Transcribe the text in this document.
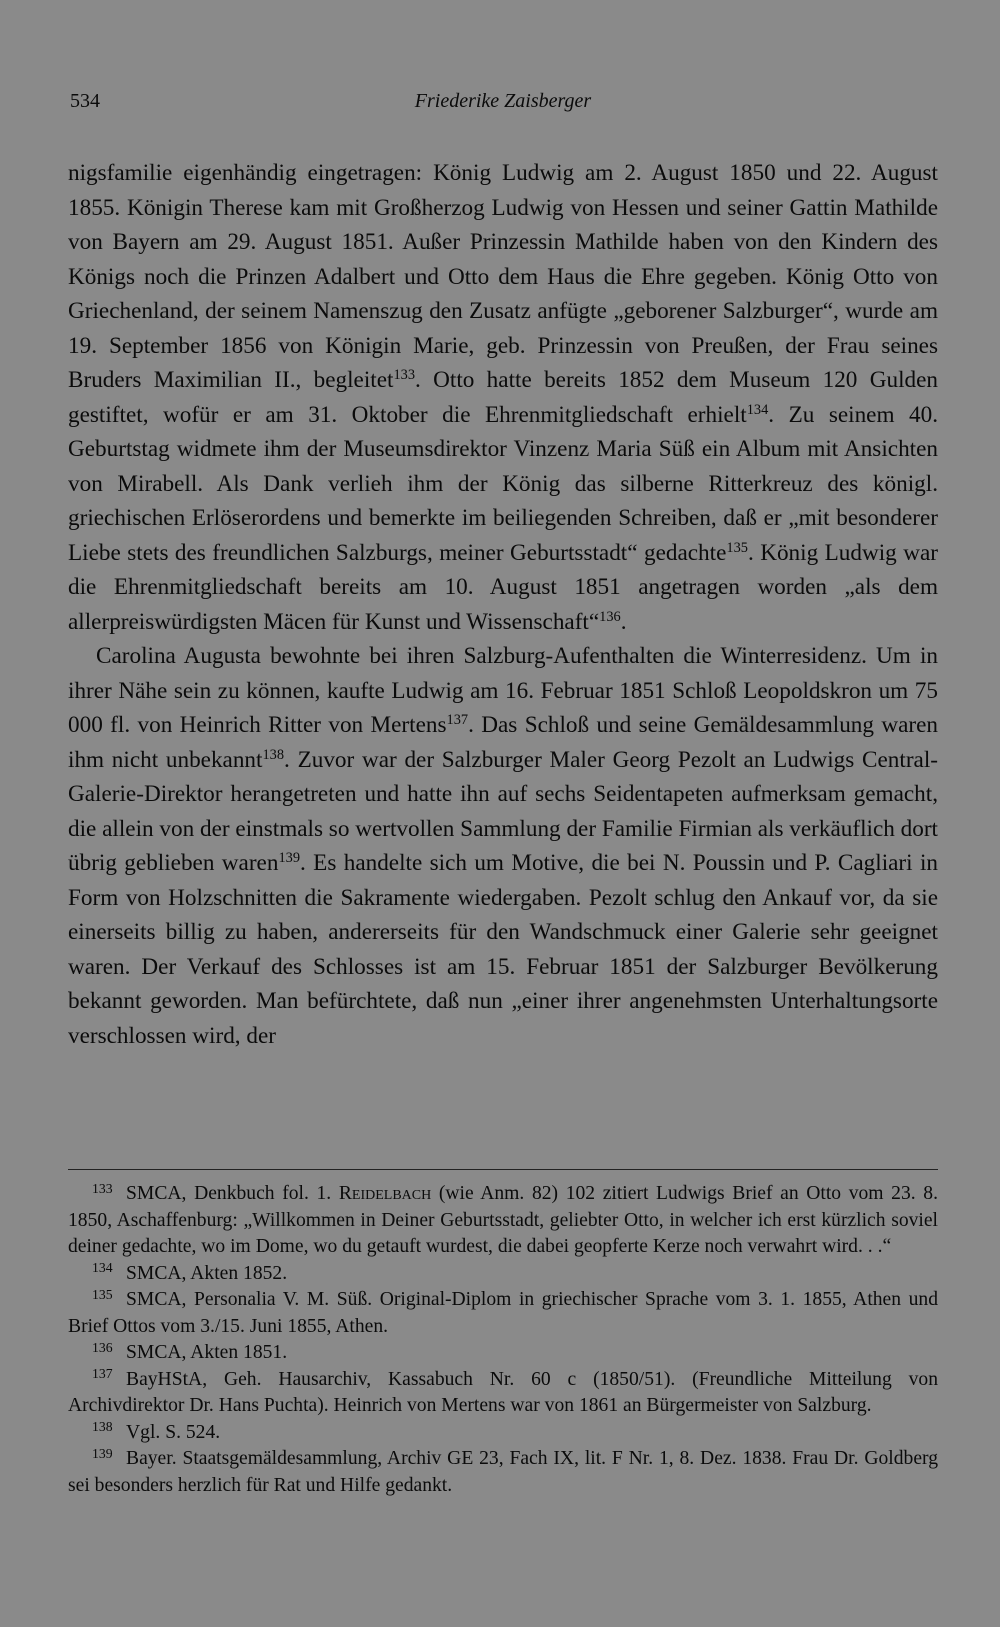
534	Friederike Zaisberger

nigsfamilie eigenhändig eingetragen: König Ludwig am 2. August 1850 und 22. August 1855. Königin Therese kam mit Großherzog Ludwig von Hessen und seiner Gattin Mathilde von Bayern am 29. August 1851. Außer Prinzessin Mathilde haben von den Kindern des Königs noch die Prinzen Adalbert und Otto dem Haus die Ehre gegeben. König Otto von Griechenland, der seinem Namenszug den Zusatz anfügte „geborener Salzburger“, wurde am 19. September 1856 von Königin Marie, geb. Prinzessin von Preußen, der Frau seines Bruders Maximilian II., begleitet$^{133}$. Otto hatte bereits 1852 dem Museum 120 Gulden gestiftet, wofür er am 31. Oktober die Ehrenmitgliedschaft erhielt$^{134}$. Zu seinem 40. Geburtstag widmete ihm der Museumsdirektor Vinzenz Maria Süß ein Album mit Ansichten von Mirabell. Als Dank verlieh ihm der König das silberne Ritterkreuz des königl. griechischen Erlöserordens und bemerkte im beiliegenden Schreiben, daß er „mit besonderer Liebe stets des freundlichen Salzburgs, meiner Geburtsstadt“ gedachte$^{135}$. König Ludwig war die Ehrenmitgliedschaft bereits am 10. August 1851 angetragen worden „als dem allerpreiswürdigsten Mäcen für Kunst und Wissenschaft“$^{136}$.

Carolina Augusta bewohnte bei ihren Salzburg-Aufenthalten die Winterresidenz. Um in ihrer Nähe sein zu können, kaufte Ludwig am 16. Februar 1851 Schloß Leopoldskron um 75 000 fl. von Heinrich Ritter von Mertens$^{137}$. Das Schloß und seine Gemäldesammlung waren ihm nicht unbekannt$^{138}$. Zuvor war der Salzburger Maler Georg Pezolt an Ludwigs Central-Galerie-Direktor herangetreten und hatte ihn auf sechs Seidentapeten aufmerksam gemacht, die allein von der einstmals so wertvollen Sammlung der Familie Firmian als verkäuflich dort übrig geblieben waren$^{139}$. Es handelte sich um Motive, die bei N. Poussin und P. Cagliari in Form von Holzschnitten die Sakramente wiedergaben. Pezolt schlug den Ankauf vor, da sie einerseits billig zu haben, andererseits für den Wandschmuck einer Galerie sehr geeignet waren. Der Verkauf des Schlosses ist am 15. Februar 1851 der Salzburger Bevölkerung bekannt geworden. Man befürchtete, daß nun „einer ihrer angenehmsten Unterhaltungsorte verschlossen wird, der

133 SMCA, Denkbuch fol. 1. Reidelbach (wie Anm. 82) 102 zitiert Ludwigs Brief an Otto vom 23. 8. 1850, Aschaffenburg: „Willkommen in Deiner Geburtsstadt, geliebter Otto, in welcher ich erst kürzlich soviel deiner gedachte, wo im Dome, wo du getauft wurdest, die dabei geopferte Kerze noch verwahrt wird. . .“

134 SMCA, Akten 1852.

135 SMCA, Personalia V. M. Süß. Original-Diplom in griechischer Sprache vom 3. 1. 1855, Athen und Brief Ottos vom 3./15. Juni 1855, Athen.

136 SMCA, Akten 1851.

137 BayHStA, Geh. Hausarchiv, Kassabuch Nr. 60 c (1850/51). (Freundliche Mitteilung von Archivdirektor Dr. Hans Puchta). Heinrich von Mertens war von 1861 an Bürgermeister von Salzburg.

138 Vgl. S. 524.

139 Bayer. Staatsgemäldesammlung, Archiv GE 23, Fach IX, lit. F Nr. 1, 8. Dez. 1838. Frau Dr. Goldberg sei besonders herzlich für Rat und Hilfe gedankt.
